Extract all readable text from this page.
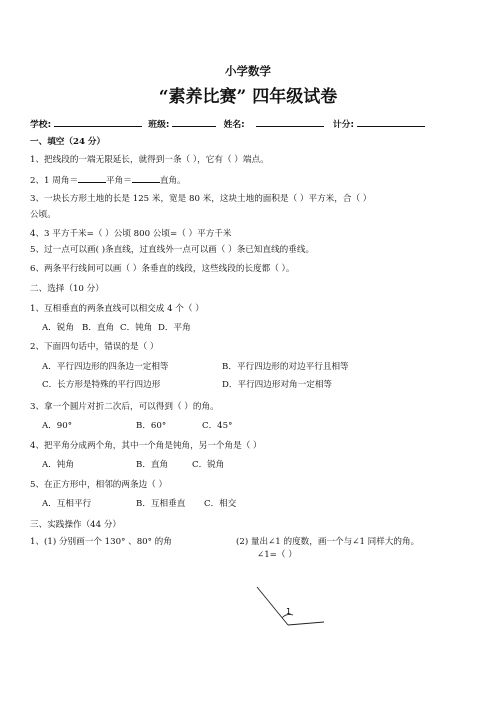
小学数学
“素养比赛” 四年级试卷
学校:	班级:	姓名:	计分:
一、填空（24 分）
1、把线段的一端无限延长，就得到一条（ ），它有（ ）端点。
2、1 周角＝	平角＝	直角。
3、一块长方形土地的长是 125 米，宽是 80 米，这块土地的面积是（ ）平方米，合（ ）
公顷。
4、3 平方千米=（ ）公顷 800 公顷=（ ）平方千米
5、过一点可以画( )条直线，过直线外一点可以画（ ）条已知直线的垂线。
6、两条平行线间可以画（ ）条垂直的线段，这些线段的长度都（ ）。
二、选择（10 分）
1、互相垂直的两条直线可以相交成 4 个（ ）
A．锐角 B．直角 C．钝角 D．平角
2、下面四句话中，错误的是（ ）
A．平行四边形的四条边一定相等	B．平行四边形的对边平行且相等
C．长方形是特殊的平行四边形	D．平行四边形对角一定相等
3、拿一个圆片对折二次后，可以得到（ ）的角。
A．90°	B．60°	C．45°
4、把平角分成两个角，其中一个角是钝角，另一个角是（ ）
A．钝角	B．直角	C．锐角
5、在正方形中，相邻的两条边（ ）
A．互相平行	B．互相垂直 C．相交
三、实践操作（44 分）
1、(1) 分别画一个 130° 、80° 的角	(2) 量出∠1 的度数，画一个与∠1 同样大的角。
∠1=（ ）
1
